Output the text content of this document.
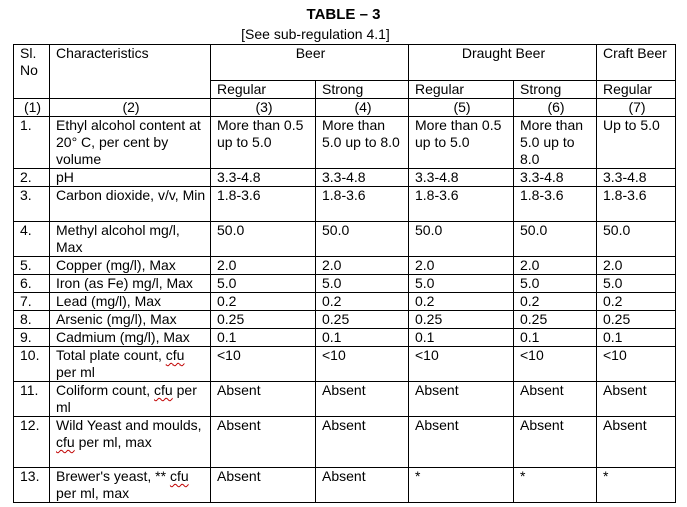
TABLE – 3
[See sub-regulation 4.1]
Sl. No	Characteristics	Beer		Draught Beer		Craft Beer
		Regular	Strong	Regular	Strong	Regular
(1)	(2)	(3)	(4)	(5)	(6)	(7)
1.	Ethyl alcohol content at 20° C, per cent by volume	More than 0.5 up to 5.0	More than 5.0 up to 8.0	More than 0.5 up to 5.0	More than 5.0 up to 8.0	Up to 5.0
2.	pH	3.3-4.8	3.3-4.8	3.3-4.8	3.3-4.8	3.3-4.8
3.	Carbon dioxide, v/v, Min	1.8-3.6	1.8-3.6	1.8-3.6	1.8-3.6	1.8-3.6
4.	Methyl alcohol mg/l, Max	50.0	50.0	50.0	50.0	50.0
5.	Copper (mg/l), Max	2.0	2.0	2.0	2.0	2.0
6.	Iron (as Fe) mg/l, Max	5.0	5.0	5.0	5.0	5.0
7.	Lead (mg/l), Max	0.2	0.2	0.2	0.2	0.2
8.	Arsenic (mg/l), Max	0.25	0.25	0.25	0.25	0.25
9.	Cadmium (mg/l), Max	0.1	0.1	0.1	0.1	0.1
10.	Total plate count, cfu per ml	<10	<10	<10	<10	<10
11.	Coliform count, cfu per ml	Absent	Absent	Absent	Absent	Absent
12.	Wild Yeast and moulds, cfu per ml, max	Absent	Absent	Absent	Absent	Absent
13.	Brewer's yeast, ** cfu per ml, max	Absent	Absent	*	*	*
